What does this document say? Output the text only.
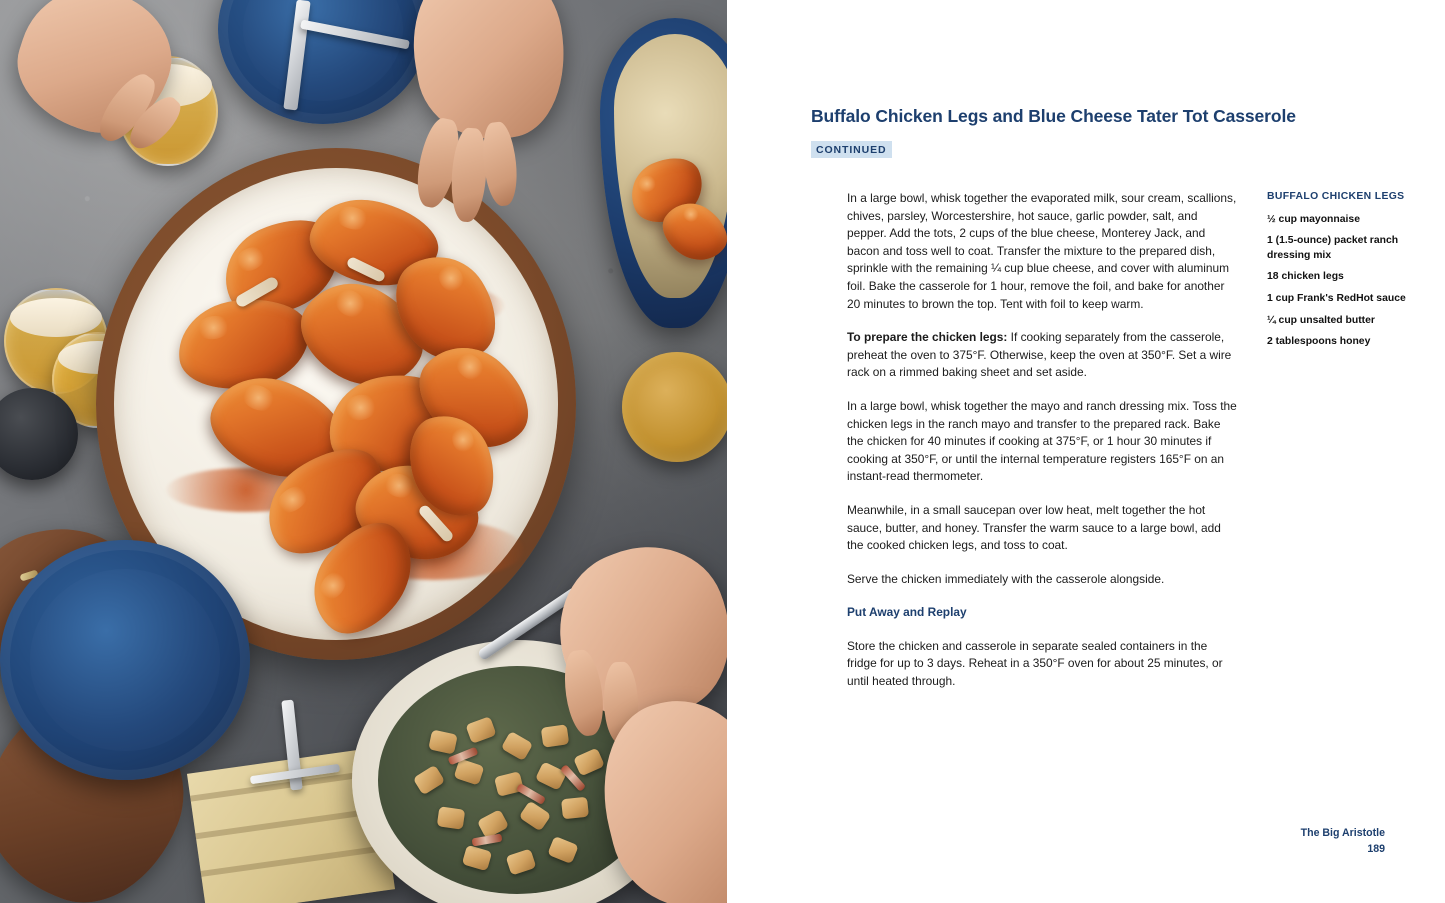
Buffalo Chicken Legs and Blue Cheese Tater Tot Casserole
CONTINUED

In a large bowl, whisk together the evaporated milk, sour cream, scallions, chives, parsley, Worcestershire, hot sauce, garlic powder, salt, and pepper. Add the tots, 2 cups of the blue cheese, Monterey Jack, and bacon and toss well to coat. Transfer the mixture to the prepared dish, sprinkle with the remaining ¼ cup blue cheese, and cover with aluminum foil. Bake the casserole for 1 hour, remove the foil, and bake for another 20 minutes to brown the top. Tent with foil to keep warm.

To prepare the chicken legs: If cooking separately from the casserole, preheat the oven to 375°F. Otherwise, keep the oven at 350°F. Set a wire rack on a rimmed baking sheet and set aside.

In a large bowl, whisk together the mayo and ranch dressing mix. Toss the chicken legs in the ranch mayo and transfer to the prepared rack. Bake the chicken for 40 minutes if cooking at 375°F, or 1 hour 30 minutes if cooking at 350°F, or until the internal temperature registers 165°F on an instant-read thermometer.

Meanwhile, in a small saucepan over low heat, melt together the hot sauce, butter, and honey. Transfer the warm sauce to a large bowl, add the cooked chicken legs, and toss to coat.

Serve the chicken immediately with the casserole alongside.

Put Away and Replay

Store the chicken and casserole in separate sealed containers in the fridge for up to 3 days. Reheat in a 350°F oven for about 25 minutes, or until heated through.

BUFFALO CHICKEN LEGS
½ cup mayonnaise
1 (1.5-ounce) packet ranch dressing mix
18 chicken legs
1 cup Frank's RedHot sauce
¼ cup unsalted butter
2 tablespoons honey
The Big Aristotle
189
